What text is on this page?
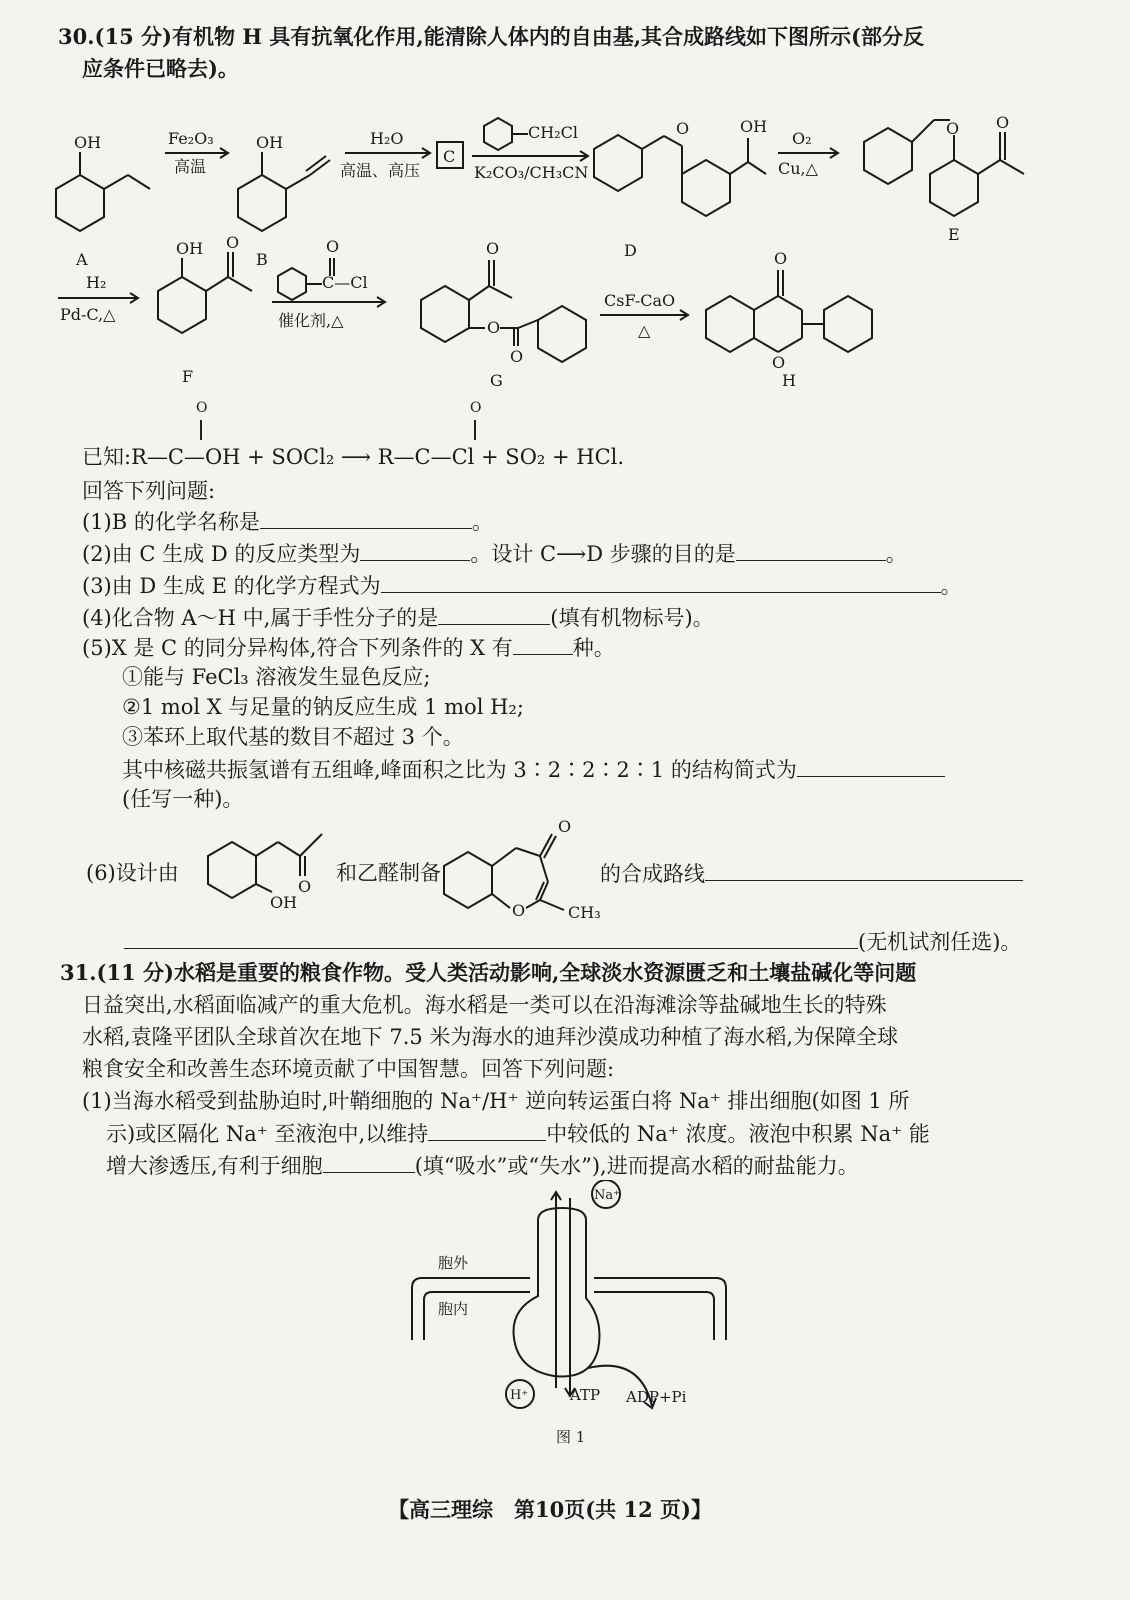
30.(15 分)有机物 H 具有抗氧化作用,能清除人体内的自由基,其合成路线如下图所示(部分反
应条件已略去)。
OH
A
Fe₂O₃
高温
OH
B
H₂O
高温、高压
C
CH₂Cl
K₂CO₃/CH₃CN
O	OH
D
O₂
Cu,△
O O
E
H₂
Pd-C,△
OH O
F
O
C—Cl
催化剂,△
O
O
O
G
CsF-CaO
△
O
O
H
O	O
已知:R—C—OH + SOCl₂ ⟶ R—C—Cl + SO₂ + HCl.
回答下列问题:
(1)B 的化学名称是	。
(2)由 C 生成 D 的反应类型为	。设计 C⟶D 步骤的目的是	。
(3)由 D 生成 E 的化学方程式为	。
(4)化合物 A～H 中,属于手性分子的是	(填有机物标号)。
(5)X 是 C 的同分异构体,符合下列条件的 X 有	种。
①能与 FeCl₃ 溶液发生显色反应;
②1 mol X 与足量的钠反应生成 1 mol H₂;
③苯环上取代基的数目不超过 3 个。
其中核磁共振氢谱有五组峰,峰面积之比为 3∶2∶2∶2∶1 的结构简式为
(任写一种)。
(6)设计由
OH
O
O
O	CH₃
和乙醛制备	的合成路线
(无机试剂任选)。
31.(11 分)水稻是重要的粮食作物。受人类活动影响,全球淡水资源匮乏和土壤盐碱化等问题
日益突出,水稻面临减产的重大危机。海水稻是一类可以在沿海滩涂等盐碱地生长的特殊
水稻,袁隆平团队全球首次在地下 7.5 米为海水的迪拜沙漠成功种植了海水稻,为保障全球
粮食安全和改善生态环境贡献了中国智慧。回答下列问题:
(1)当海水稻受到盐胁迫时,叶鞘细胞的 Na⁺/H⁺ 逆向转运蛋白将 Na⁺ 排出细胞(如图 1 所
示)或区隔化 Na⁺ 至液泡中,以维持	中较低的 Na⁺ 浓度。液泡中积累 Na⁺ 能
增大渗透压,有利于细胞	(填“吸水”或“失水”),进而提高水稻的耐盐能力。
胞外
胞内
Na⁺
H⁺	ATP ADP+Pi
图 1
【高三理综　第10页(共 12 页)】
